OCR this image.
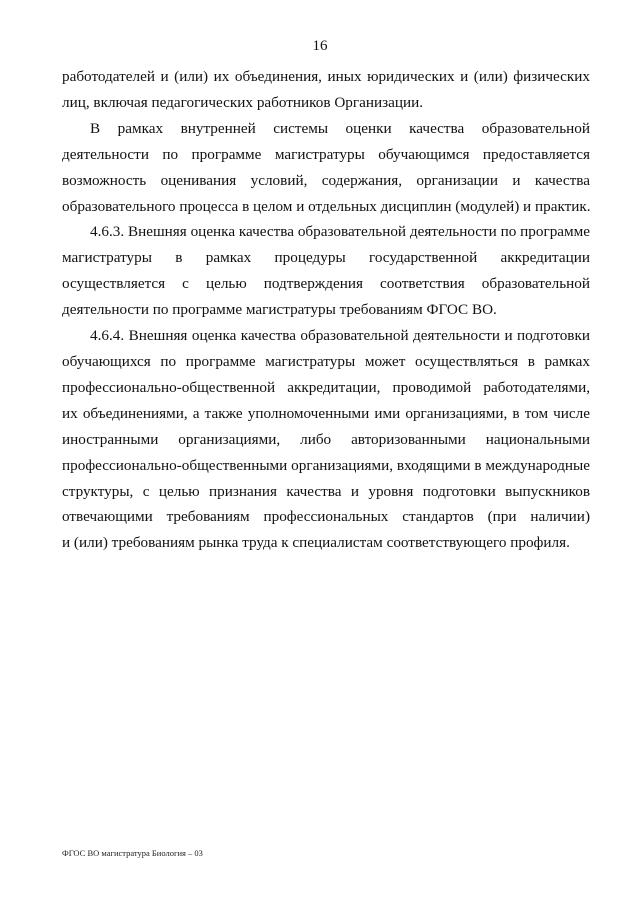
16
работодателей и (или) их объединения, иных юридических и (или) физических
лиц, включая педагогических работников Организации.
В рамках внутренней системы оценки качества образовательной
деятельности по программе магистратуры обучающимся предоставляется
возможность оценивания условий, содержания, организации и качества
образовательного процесса в целом и отдельных дисциплин (модулей) и практик.
4.6.3. Внешняя оценка качества образовательной деятельности по программе
магистратуры в рамках процедуры государственной аккредитации
осуществляется с целью подтверждения соответствия образовательной
деятельности по программе магистратуры требованиям ФГОС ВО.
4.6.4. Внешняя оценка качества образовательной деятельности и подготовки
обучающихся по программе магистратуры может осуществляться в рамках
профессионально-общественной аккредитации, проводимой работодателями,
их объединениями, а также уполномоченными ими организациями, в том числе
иностранными организациями, либо авторизованными национальными
профессионально-общественными организациями, входящими в международные
структуры, с целью признания качества и уровня подготовки выпускников
отвечающими требованиям профессиональных стандартов (при наличии)
и (или) требованиям рынка труда к специалистам соответствующего профиля.
ФГОС ВО магистратура Биология – 03
